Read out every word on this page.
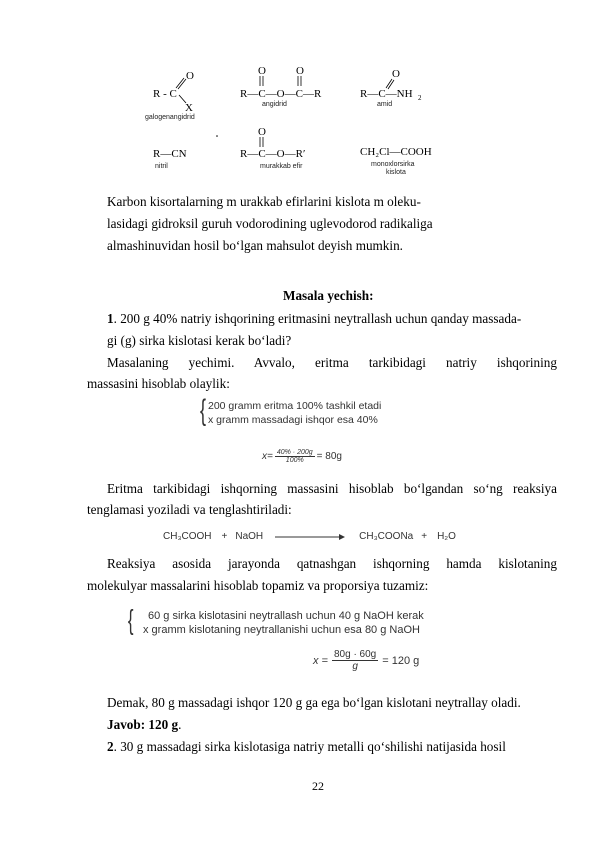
R - C
O
X
O	O
R—C—O—C—R	R—C—NH 2
O
R—CN
O
R—C—O—R′
galogenangidrid
angidrid	amid
nitril	murakkab efir
CH₂Cl—COOH
monoxlorsirka
kislota
Karbon kisortalarning m urakkab efirlarini kislota m oleku-
lasidagi gidroksil guruh vodorodining uglevodorod radikaliga
almashinuvidan hosil bo‘lgan mahsulot deyish mumkin.
Masala yechish:
1. 200 g 40% natriy ishqorining eritmasini neytrallash uchun qanday massada-
gi (g) sirka kislotasi kerak bo‘ladi?
Masalaning yechimi. Avvalo, eritma tarkibidagi natriy ishqorining
massasini hisoblab olaylik:
{ 200 gramm eritma 100% tashkil etadi
x gramm massadagi ishqor esa 40%
$x= \frac{40\% \cdot 200g}{100\%} = 80g$
Eritma tarkibidagi ishqorning massasini hisoblab bo‘lgandan so‘ng reaksiya
tenglamasi yoziladi va tenglashtiriladi:
CH₃COOH + NaOH	CH₃COONa + H₂O
Reaksiya asosida jarayonda qatnashgan ishqorning hamda kislotaning
molekulyar massalarini hisoblab topamiz va proporsiya tuzamiz:
{ 60 g sirka kislotasini neytrallash uchun 40 g NaOH kerak
x gramm kislotaning neytrallanishi uchun esa 80 g NaOH
$x = \frac{80g \cdot 60g}{g} = 120$ g
Demak, 80 g massadagi ishqor 120 g ga ega bo‘lgan kislotani neytrallay oladi.
Javob: 120 g.
2. 30 g massadagi sirka kislotasiga natriy metalli qo‘shilishi natijasida hosil
22
